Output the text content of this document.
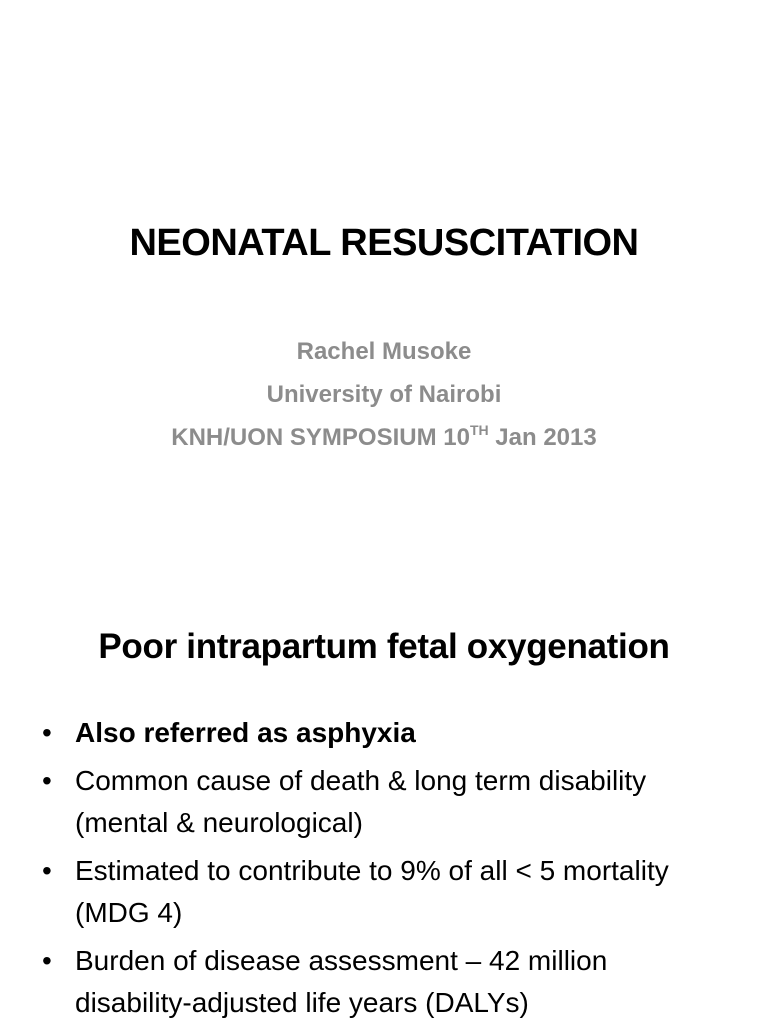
NEONATAL RESUSCITATION
Rachel Musoke
University of Nairobi
KNH/UON SYMPOSIUM 10TH Jan 2013
Poor intrapartum fetal oxygenation
• Also referred as asphyxia
• Common cause of death & long term disability (mental & neurological)
• Estimated to contribute to 9% of all < 5 mortality (MDG 4)
• Burden of disease assessment – 42 million disability-adjusted life years (DALYs)
